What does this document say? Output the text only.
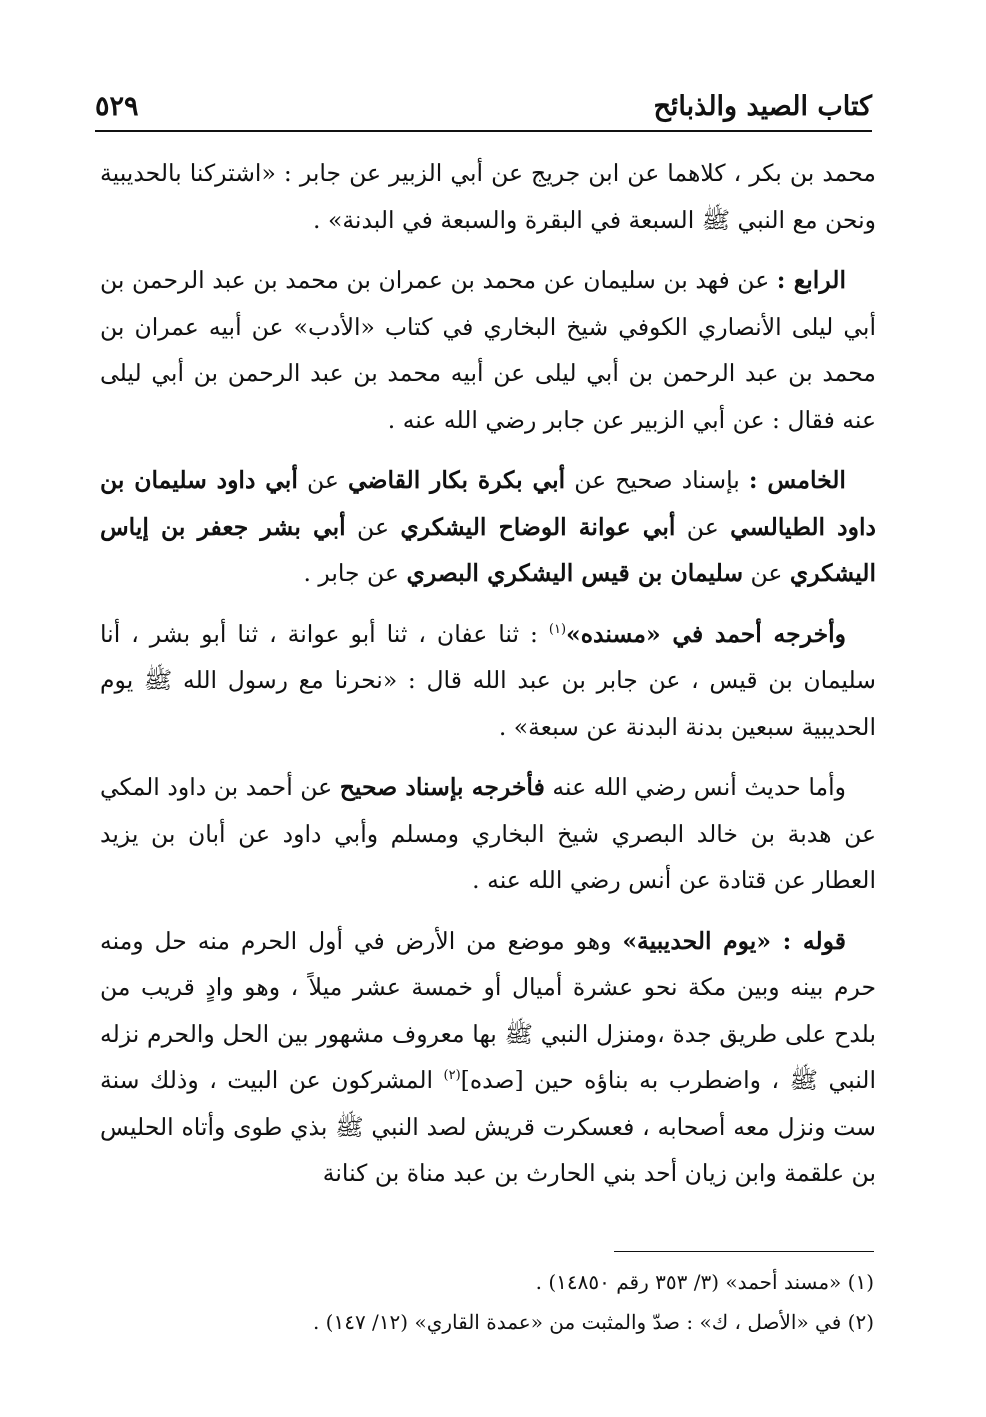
٥٢٩	كتاب الصيد والذبائح

محمد بن بكر ، كلاهما عن ابن جريج عن أبي الزبير عن جابر : «اشتركنا بالحديبية ونحن مع النبي ﷺ السبعة في البقرة والسبعة في البدنة» .

الرابع : عن فهد بن سليمان عن محمد بن عمران بن محمد بن عبد الرحمن بن أبي ليلى الأنصاري الكوفي شيخ البخاري في كتاب «الأدب» عن أبيه عمران بن محمد بن عبد الرحمن بن أبي ليلى عن أبيه محمد بن عبد الرحمن بن أبي ليلى عنه فقال : عن أبي الزبير عن جابر رضي الله عنه .

الخامس : بإسناد صحيح عن أبي بكرة بكار القاضي عن أبي داود سليمان بن داود الطيالسي عن أبي عوانة الوضاح اليشكري عن أبي بشر جعفر بن إياس اليشكري عن سليمان بن قيس اليشكري البصري عن جابر .

وأخرجه أحمد في «مسنده»$^{(١)}$ : ثنا عفان ، ثنا أبو عوانة ، ثنا أبو بشر ، أنا سليمان بن قيس ، عن جابر بن عبد الله قال : «نحرنا مع رسول الله ﷺ يوم الحديبية سبعين بدنة البدنة عن سبعة» .

وأما حديث أنس رضي الله عنه فأخرجه بإسناد صحيح عن أحمد بن داود المكي عن هدبة بن خالد البصري شيخ البخاري ومسلم وأبي داود عن أبان بن يزيد العطار عن قتادة عن أنس رضي الله عنه .

قوله : «يوم الحديبية» وهو موضع من الأرض في أول الحرم منه حل ومنه حرم بينه وبين مكة نحو عشرة أميال أو خمسة عشر ميلاً ، وهو وادٍ قريب من بلدح على طريق جدة ،ومنزل النبي ﷺ بها معروف مشهور بين الحل والحرم نزله النبي ﷺ ، واضطرب به بناؤه حين [صده]$^{(٢)}$ المشركون عن البيت ، وذلك سنة ست ونزل معه أصحابه ، فعسكرت قريش لصد النبي ﷺ بذي طوى وأتاه الحليس بن علقمة وابن زيان أحد بني الحارث بن عبد مناة بن كنانة

(١) «مسند أحمد» (٣/ ٣٥٣ رقم ١٤٨٥٠) .

(٢) في «الأصل ، ك» : صدّ والمثبت من «عمدة القاري» (١٢/ ١٤٧) .
